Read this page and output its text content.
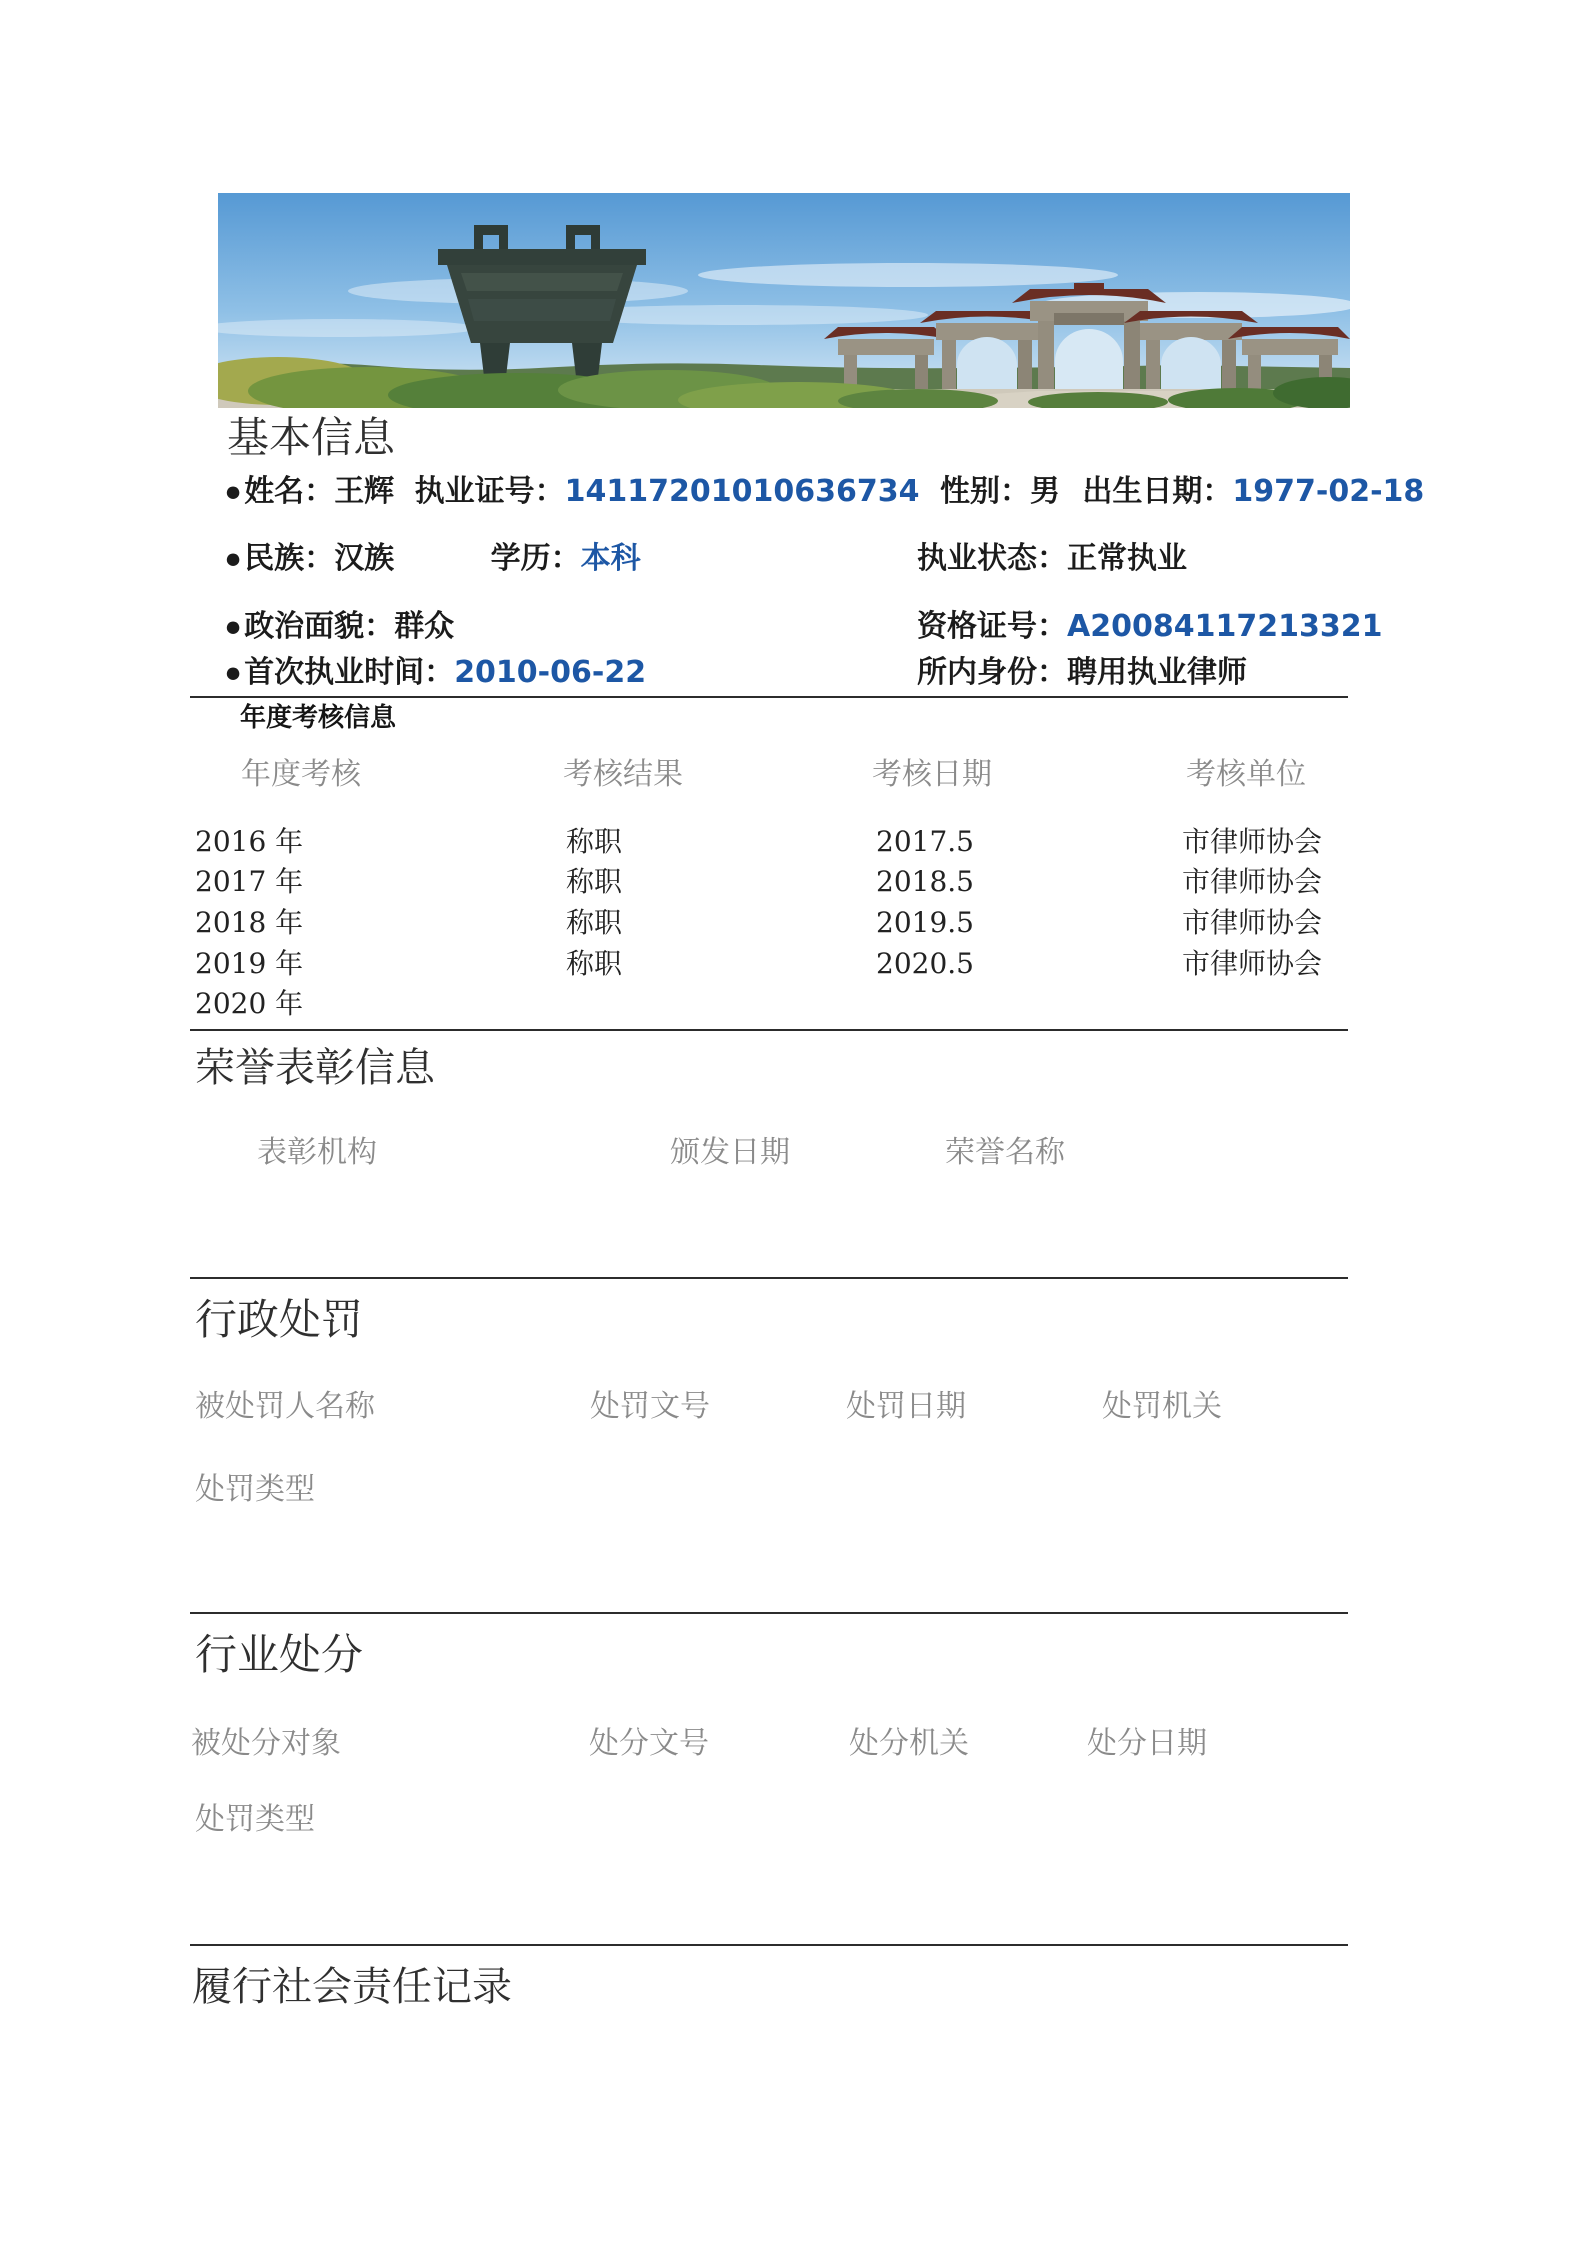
基本信息
● 姓名：王辉 执业证号：14117201010636734 性别：男 出生日期：1977-02-18
● 民族：汉族	学历：本科	执业状态：正常执业
● 政治面貌：群众	资格证号：A20084117213321
● 首次执业时间：2010-06-22	所内身份：聘用执业律师
年度考核信息
年度考核	考核结果	考核日期	考核单位
2016 年	称职	2017.5	市律师协会
2017 年	称职	2018.5	市律师协会
2018 年	称职	2019.5	市律师协会
2019 年	称职	2020.5	市律师协会
2020 年
荣誉表彰信息
表彰机构	颁发日期	荣誉名称
行政处罚
被处罚人名称	处罚文号	处罚日期	处罚机关
处罚类型
行业处分
被处分对象	处分文号	处分机关	处分日期
处罚类型
履行社会责任记录
